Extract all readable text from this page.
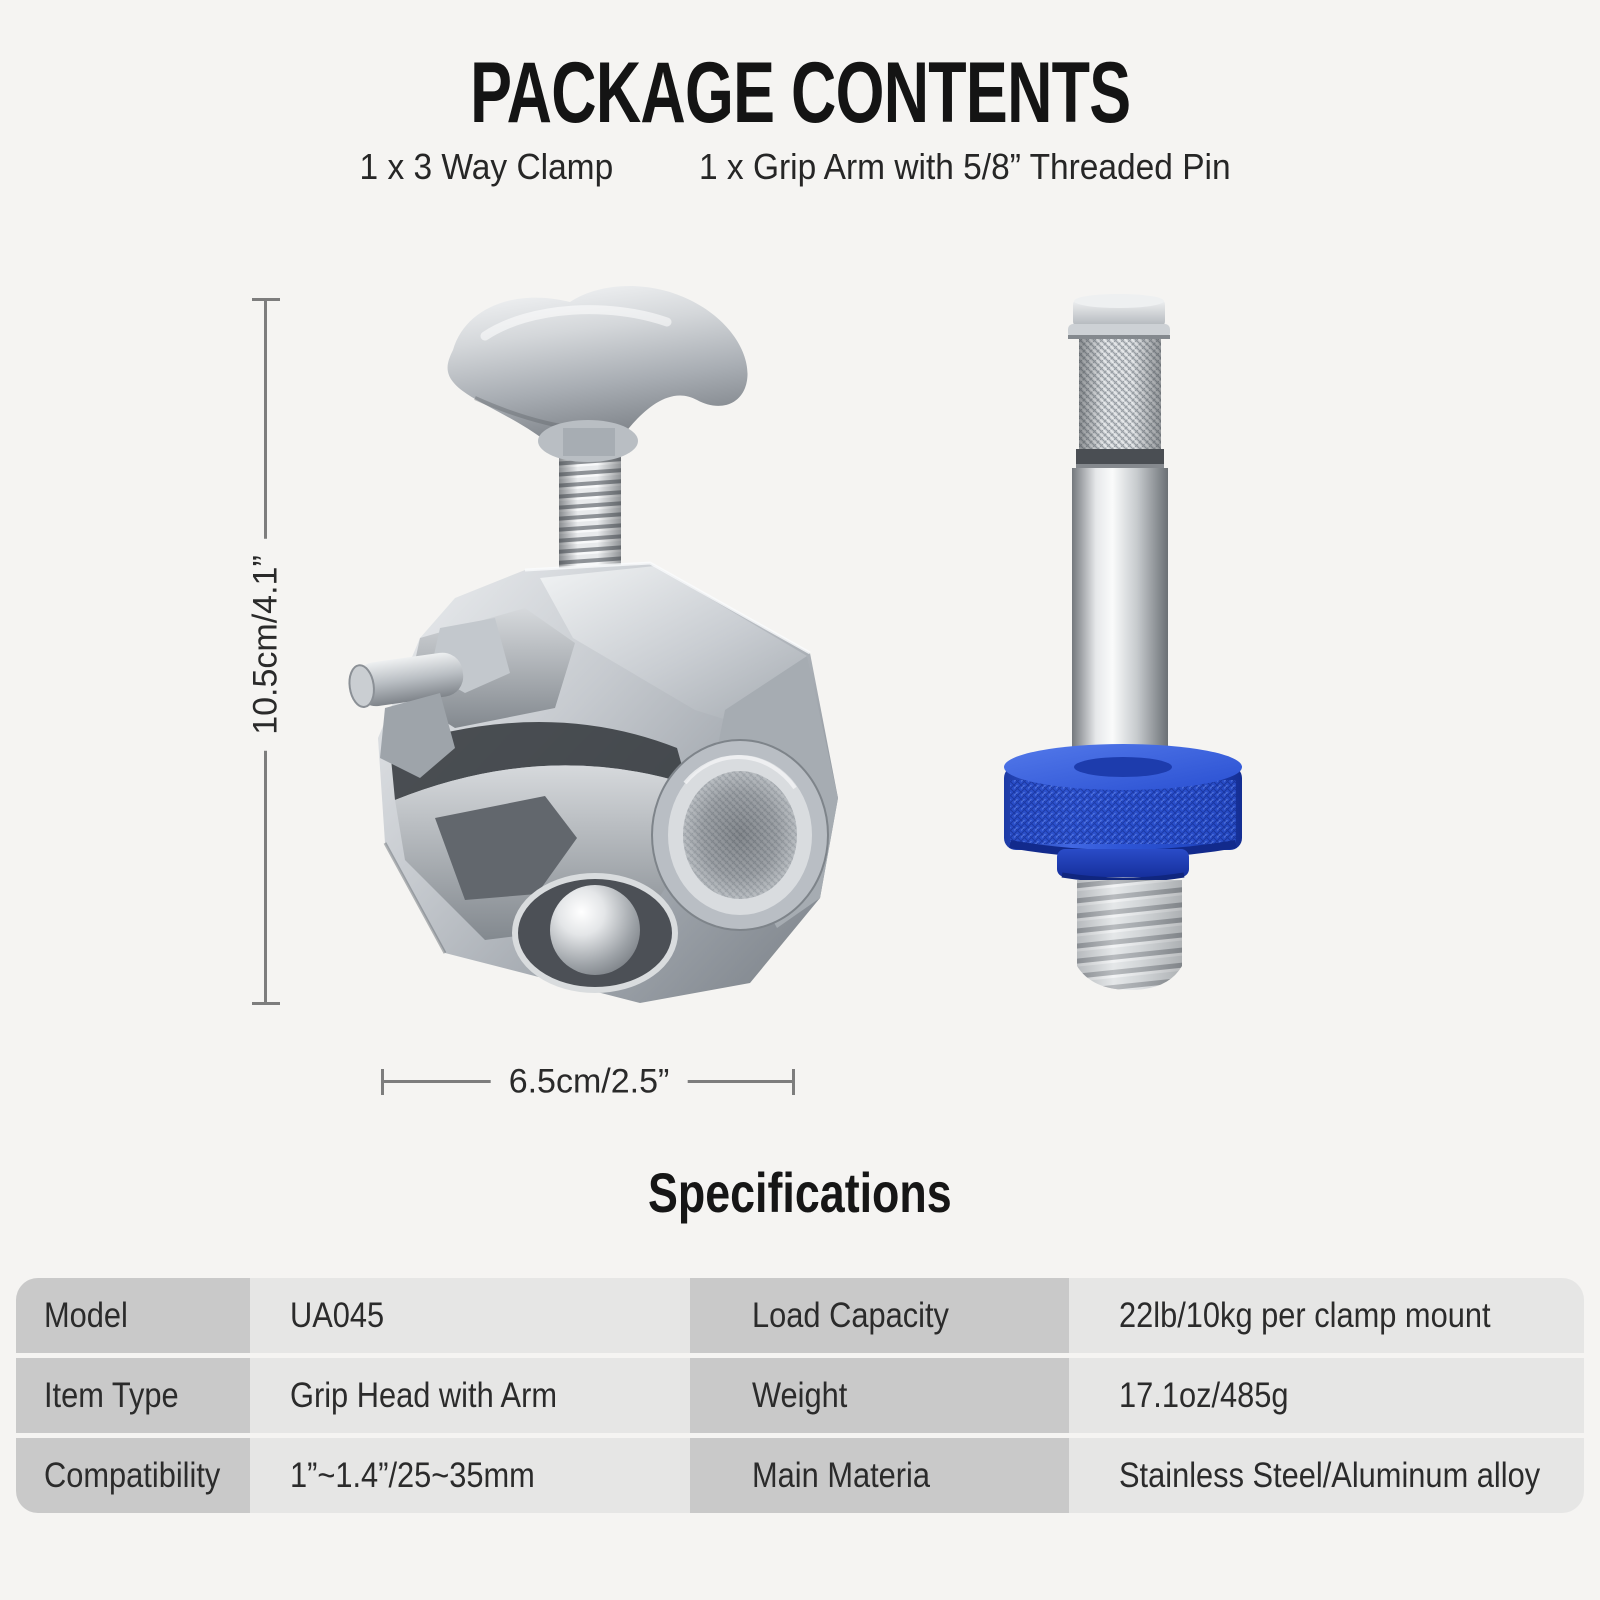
PACKAGE CONTENTS
1 x 3 Way Clamp 1 x Grip Arm with 5/8” Threaded Pin
10.5cm/4.1”
6.5cm/2.5”
Specifications
Model	UA045	Load Capacity	22lb/10kg per clamp mount
Item Type	Grip Head with Arm	Weight	17.1oz/485g
Compatibility 1”~1.4”/25~35mm	Main Materia	Stainless Steel/Aluminum alloy
